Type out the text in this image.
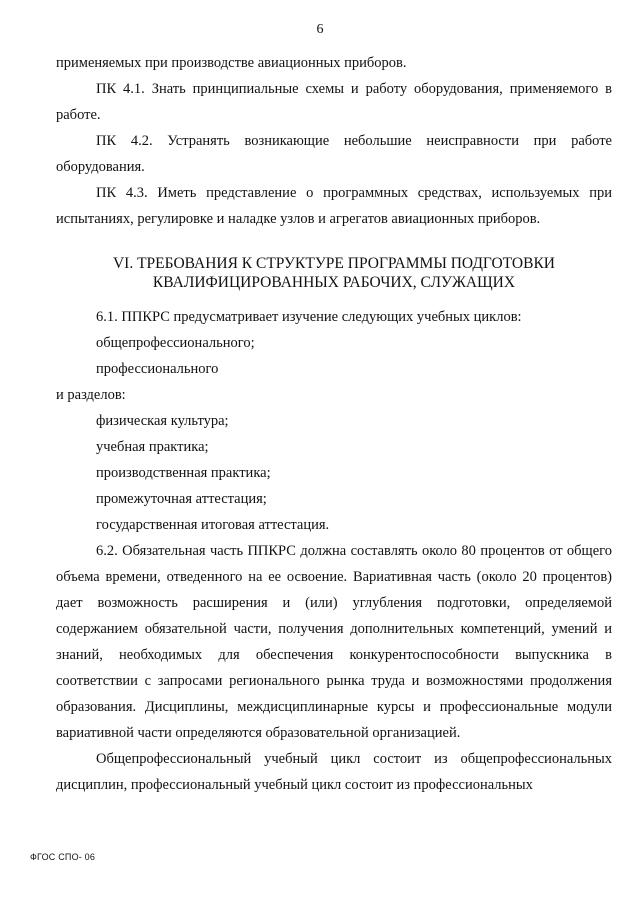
6

применяемых при производстве авиационных приборов.

ПК 4.1. Знать принципиальные схемы и работу оборудования, применяемого в работе.

ПК 4.2. Устранять возникающие небольшие неисправности при работе оборудования.

ПК 4.3. Иметь представление о программных средствах, используемых при испытаниях, регулировке и наладке узлов и агрегатов авиационных приборов.

VI. ТРЕБОВАНИЯ К СТРУКТУРЕ ПРОГРАММЫ ПОДГОТОВКИ
КВАЛИФИЦИРОВАННЫХ РАБОЧИХ, СЛУЖАЩИХ

6.1. ППКРС предусматривает изучение следующих учебных циклов:

общепрофессионального;

профессионального

и разделов:

физическая культура;

учебная практика;

производственная практика;

промежуточная аттестация;

государственная итоговая аттестация.

6.2. Обязательная часть ППКРС должна составлять около 80 процентов от общего объема времени, отведенного на ее освоение. Вариативная часть (около 20 процентов) дает возможность расширения и (или) углубления подготовки, определяемой содержанием обязательной части, получения дополнительных компетенций, умений и знаний, необходимых для обеспечения конкурентоспособности выпускника в соответствии с запросами регионального рынка труда и возможностями продолжения образования. Дисциплины, междисциплинарные курсы и профессиональные модули вариативной части определяются образовательной организацией.

Общепрофессиональный учебный цикл состоит из общепрофессиональных дисциплин, профессиональный учебный цикл состоит из профессиональных

ФГОС СПО- 06
